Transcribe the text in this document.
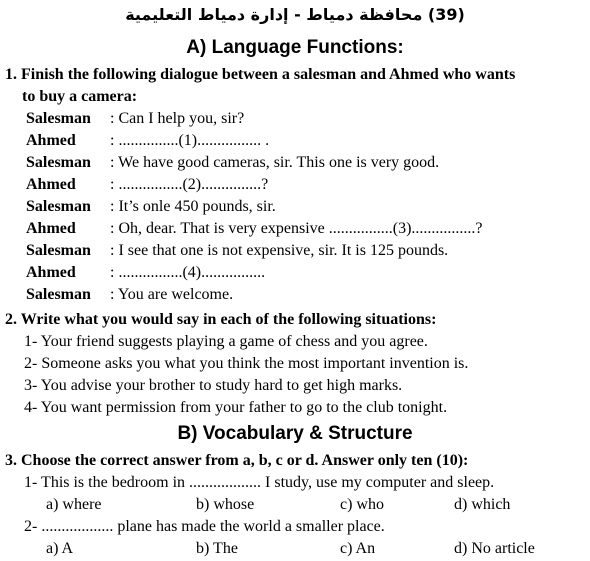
(39) محافظة دمياط - إدارة دمياط التعليمية
A) Language Functions:
1. Finish the following dialogue between a salesman and Ahmed who wants
to buy a camera:
Salesman : Can I help you, sir?
Ahmed : ...............(1)................ .
Salesman : We have good cameras, sir. This one is very good.
Ahmed : ................(2)...............?
Salesman : It’s onle 450 pounds, sir.
Ahmed : Oh, dear. That is very expensive ................(3)................?
Salesman : I see that one is not expensive, sir. It is 125 pounds.
Ahmed : ................(4)................
Salesman : You are welcome.
2. Write what you would say in each of the following situations:
1- Your friend suggests playing a game of chess and you agree.
2- Someone asks you what you think the most important invention is.
3- You advise your brother to study hard to get high marks.
4- You want permission from your father to go to the club tonight.
B) Vocabulary & Structure
3. Choose the correct answer from a, b, c or d. Answer only ten (10):
1- This is the bedroom in .................. I study, use my computer and sleep.
a) where	b) whose	c) who	d) which
2- .................. plane has made the world a smaller place.
a) A	b) The	c) An	d) No article
